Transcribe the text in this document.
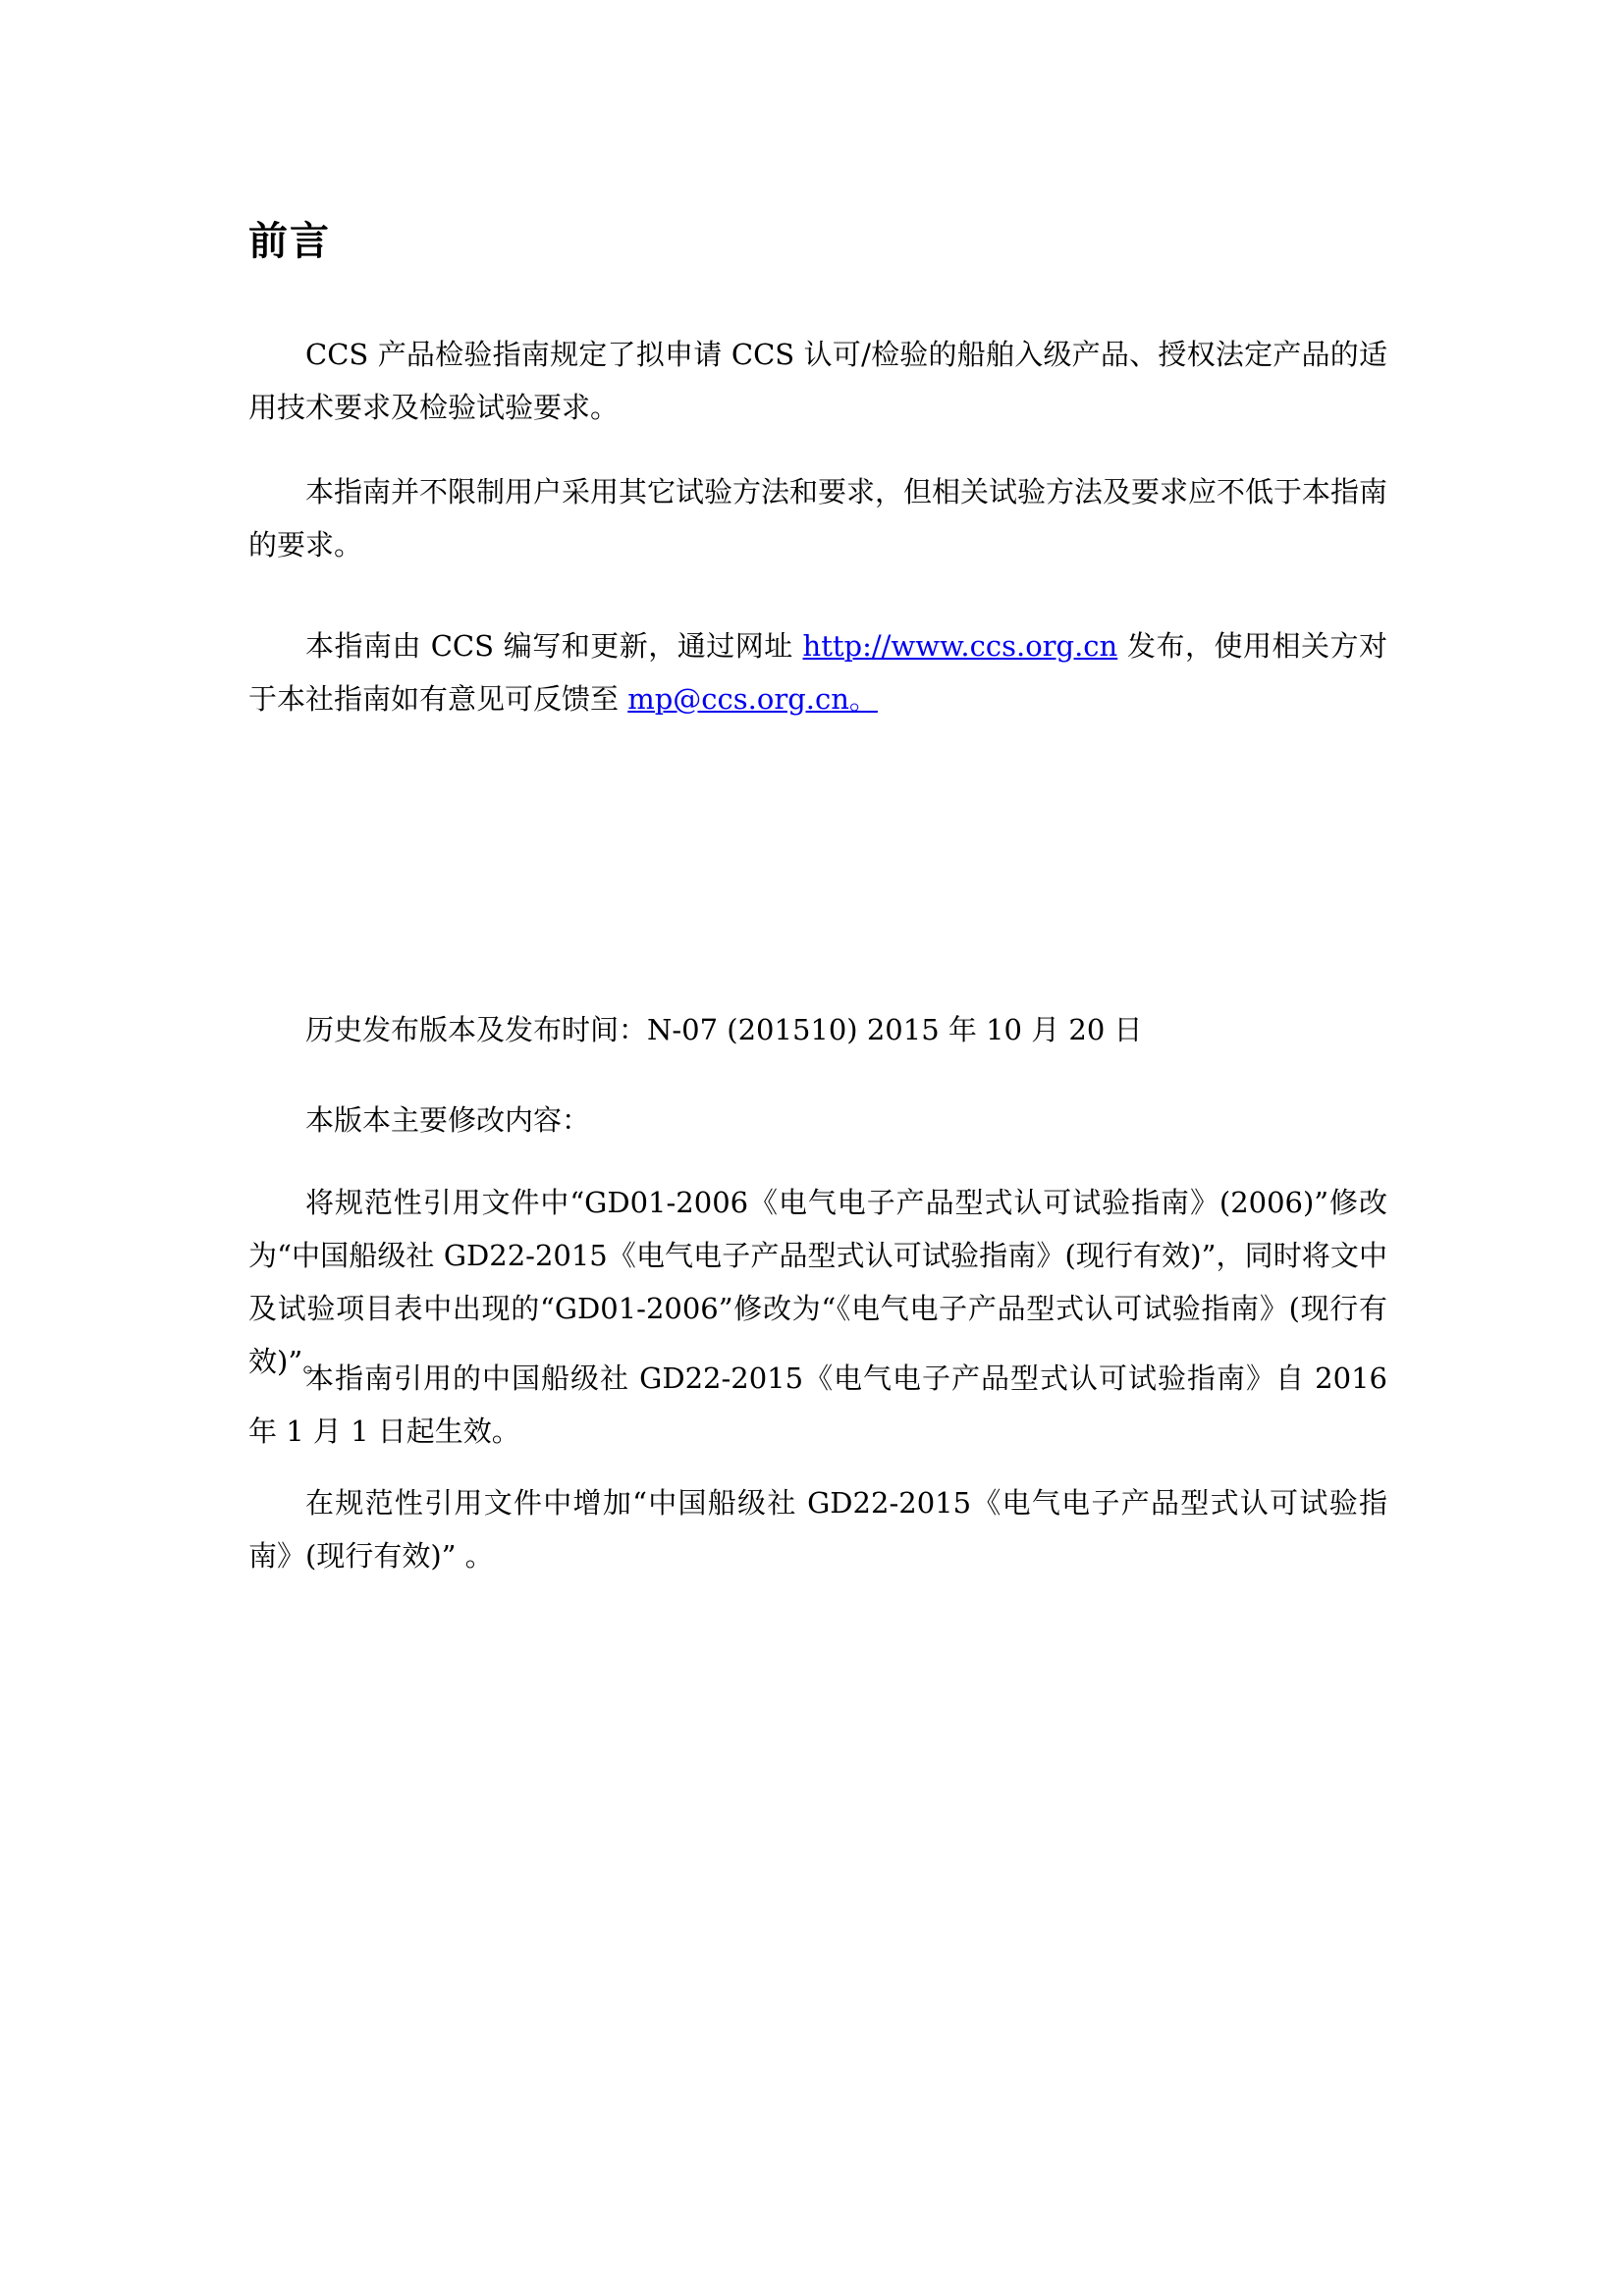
前言

CCS 产品检验指南规定了拟申请 CCS 认可/检验的船舶入级产品、授权法定产品的适用技术要求及检验试验要求。

本指南并不限制用户采用其它试验方法和要求，但相关试验方法及要求应不低于本指南的要求。

本指南由 CCS 编写和更新，通过网址 http://www.ccs.org.cn 发布，使用相关方对于本社指南如有意见可反馈至 mp@ccs.org.cn。

历史发布版本及发布时间：N-07 (201510) 2015 年 10 月 20 日

本版本主要修改内容：

将规范性引用文件中“GD01-2006《电气电子产品型式认可试验指南》(2006)”修改为“中国船级社 GD22-2015《电气电子产品型式认可试验指南》(现行有效)”，同时将文中及试验项目表中出现的“GD01-2006”修改为“《电气电子产品型式认可试验指南》(现行有效)”。

本指南引用的中国船级社 GD22-2015《电气电子产品型式认可试验指南》自 2016 年 1 月 1 日起生效。

在规范性引用文件中增加“中国船级社 GD22-2015《电气电子产品型式认可试验指南》(现行有效)” 。
